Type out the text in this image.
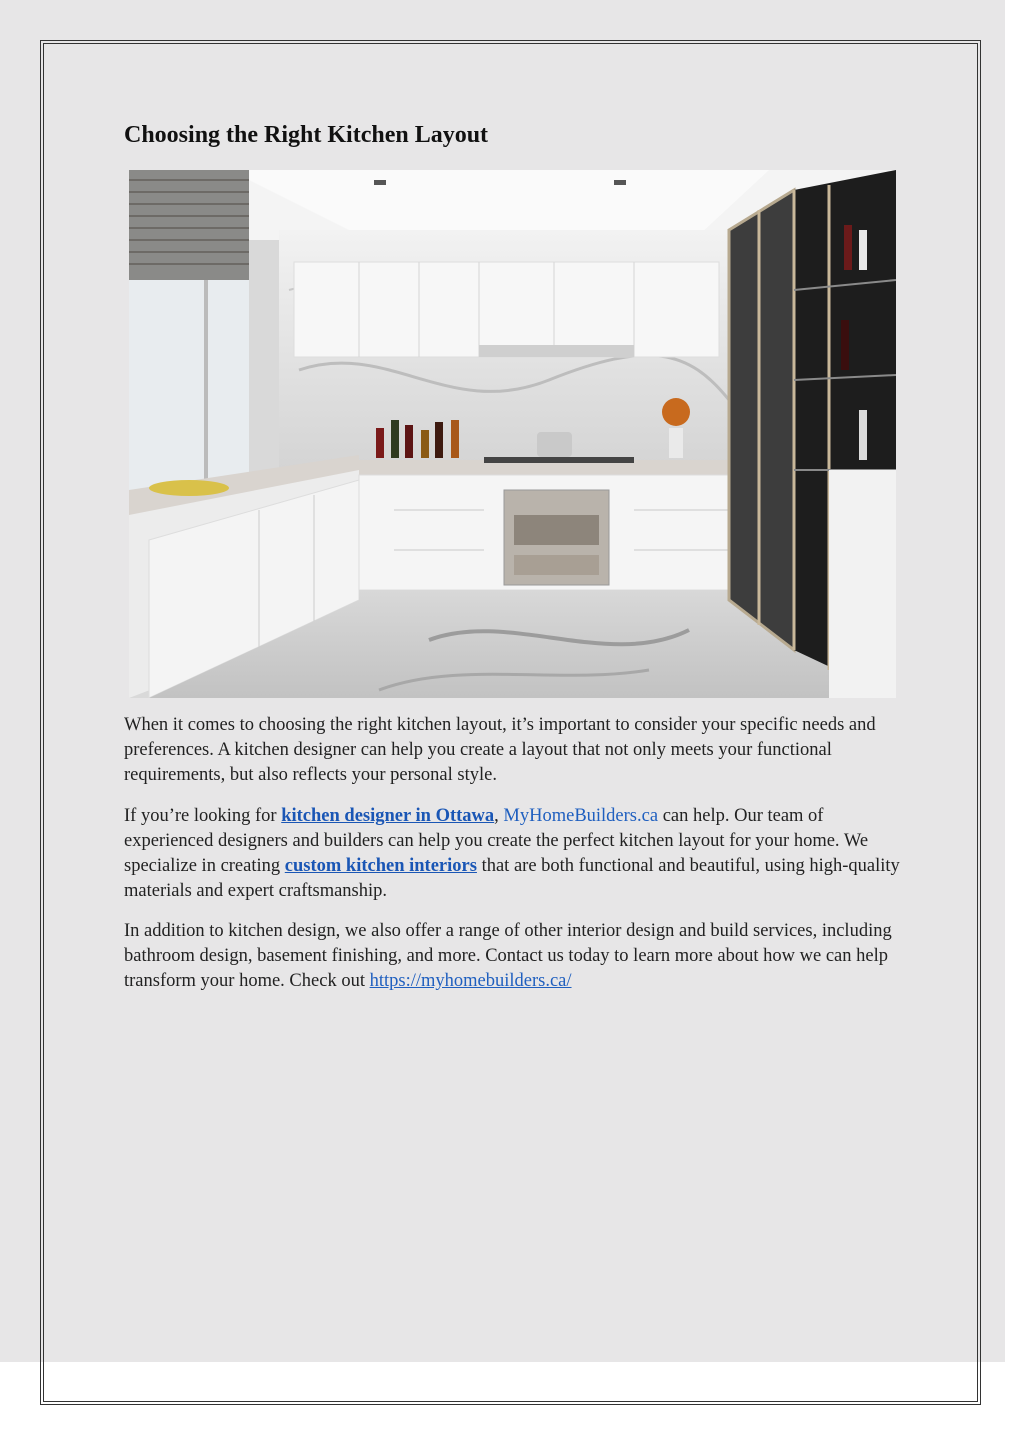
Choosing the Right Kitchen Layout

When it comes to choosing the right kitchen layout, it’s important to consider your specific needs and preferences. A kitchen designer can help you create a layout that not only meets your functional requirements, but also reflects your personal style.

If you’re looking for kitchen designer in Ottawa, MyHomeBuilders.ca can help. Our team of experienced designers and builders can help you create the perfect kitchen layout for your home. We specialize in creating custom kitchen interiors that are both functional and beautiful, using high-quality materials and expert craftsmanship.

In addition to kitchen design, we also offer a range of other interior design and build services, including bathroom design, basement finishing, and more. Contact us today to learn more about how we can help transform your home. Check out https://myhomebuilders.ca/
